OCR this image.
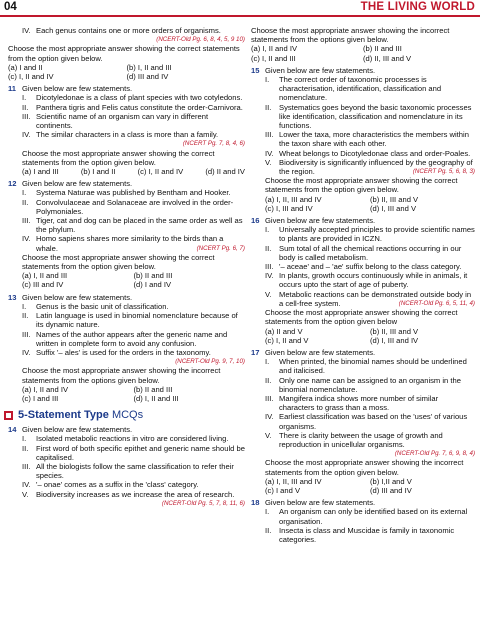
04	THE LIVING WORLD
IV. Each genus contains one or more orders of organisms.
(NCERT-Old Pg. 6, 8, 4, 5, 9 10)
Choose the most appropriate answer showing the correct statements from the option given below.
(a) I and II	(b) I, II and III
(c) I, II and IV	(d) III and IV
11 Given below are few statements.
I.	Dicotyledonae is a class of plant species with two cotyledons.
II.	Panthera tigris and Felis catus constitute the order-Carnivora.
III. Scientific name of an organism can vary in different continents.
IV. The similar characters in a class is more than a family.
(NCERT Pg. 7, 8, 4, 6)
Choose the most appropriate answer showing the correct statements from the option given below.
(a) I and III	(b) I and II	(c) I, II and IV	(d) II and IV
12 Given below are few statements.
I.	Systema Naturae was published by Bentham and Hooker.
II.	Convolvulaceae and Solanaceae are involved in the order-Polymoniales.
III. Tiger, cat and dog can be placed in the same order as well as the phylum.
IV. Homo sapiens shares more similarity to the birds than a whale.	(NCERT Pg. 6, 7)
Choose the most appropriate answer showing the correct statements from the option given below.
(a) I, II and III	(b) II and III
(c) III and IV	(d) I and IV
13 Given below are few statements.
I.	Genus is the basic unit of classification.
II.	Latin language is used in binomial nomenclature because of its dynamic nature.
III. Names of the author appears after the generic name and written in complete form to avoid any confusion.
IV. Suffix '– ales' is used for the orders in the taxonomy.

(NCERT-Old Pg. 9, 7, 10)
Choose the most appropriate answer showing the incorrect statements from the options given below.
(a) I, II and IV	(b) II and III
(c) I and III	(d) I, II and III
5-Statement Type MCQs
14 Given below are few statements.
I.	Isolated metabolic reactions in vitro are considered living.
II.	First word of both specific epithet and generic name should be capitalised.
III. All the biologists follow the same classification to refer their species.
IV. '– onae' comes as a suffix in the 'class' category.
V. Biodiversity increases as we increase the area of research.
(NCERT-Old Pg. 5, 7, 8, 11, 6)
Choose the most appropriate answer showing the incorrect statements from the options given below.
(a) I, II and IV	(b) II and III
(c) I, II and III	(d) II, III and V
15 Given below are few statements.
I.	The correct order of taxonomic processes is characterisation, identification, classification and nomenclature.
II.	Systematics goes beyond the basic taxonomic processes like identification, classification and nomenclature in its functions.
III. Lower the taxa, more characteristics the members within the taxon share with each other.
IV. Wheat belongs to Dicotyledonae class and order-Poales.
V. Biodiversity is significantly influenced by the geography of the region.	(NCERT Pg. 5, 6, 8, 3)
Choose the most appropriate answer showing the correct statements from the option given below.
(a) I, II, III and IV	(b) II, III and V
(c) I, III and IV	(d) I, III and V
16 Given below are few statements.
I.	Universally accepted principles to provide scientific names to plants are provided in ICZN.
II.	Sum total of all the chemical reactions occurring in our body is called metabolism.
III. '– aceae' and – 'ae' suffix belong to the class category.
IV. In plants, growth occurs continuously while in animals, it occurs upto the start of age of puberty.
V. Metabolic reactions can be demonstrated outside body in a cell-free system.	(NCERT-Old Pg. 6, 5, 11, 4)
Choose the most appropriate answer showing the correct statements from the option given below
(a) II and V	(b) II, III and V
(c) I, II and V	(d) I, III and IV
17 Given below are few statements.
I.	When printed, the binomial names should be underlined and italicised.
II.	Only one name can be assigned to an organism in the binomial nomenclature.
III. Mangifera indica shows more number of similar characters to grass than a moss.
IV. Earliest classification was based on the 'uses' of various organisms.
V. There is clarity between the usage of growth and reproduction in unicellular organisms.
(NCERT-Old Pg. 7, 6, 9, 8, 4)
Choose the most appropriate answer showing the incorrect statements from the option given below.
(a) I, II, III and IV	(b) I,II and V
(c) I and V	(d) III and IV
18 Given below are few statements.
I.	An organism can only be identified based on its external organisation.
II.	Insecta is class and Muscidae is family in taxonomic categories.
